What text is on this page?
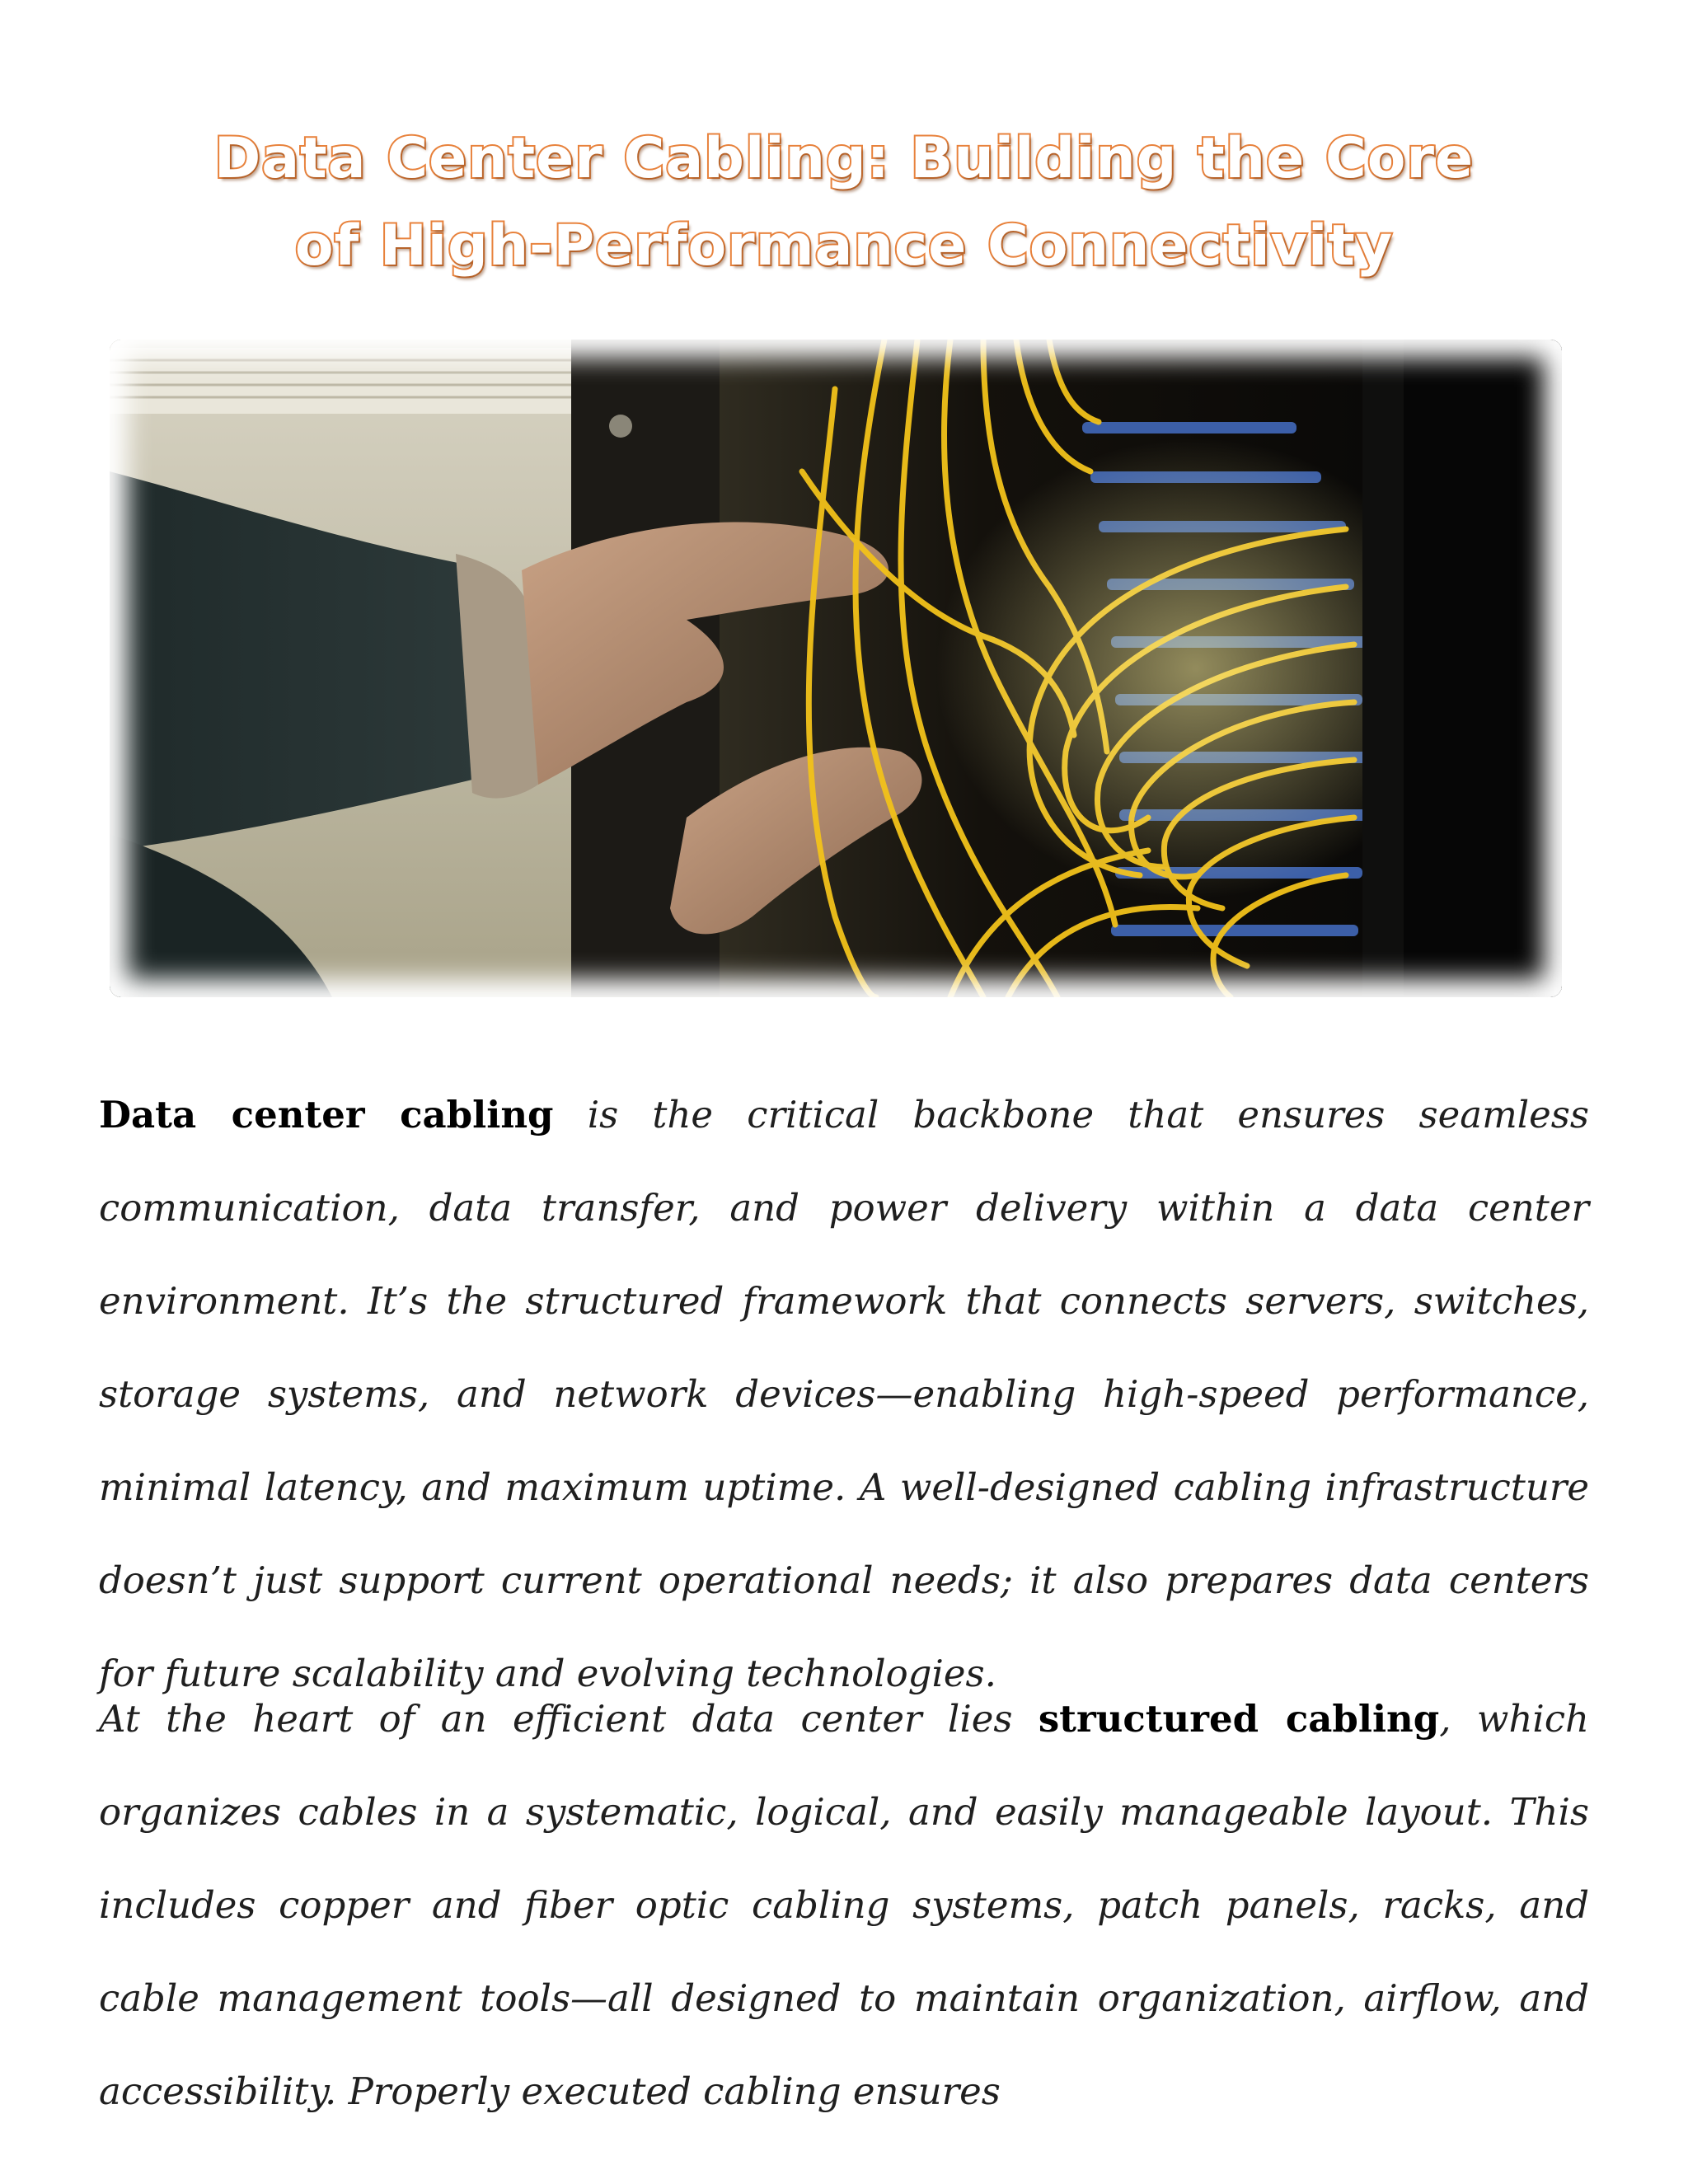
Data Center Cabling: Building the Core
of High-Performance Connectivity

Data center cabling is the critical backbone that ensures seamless communication, data transfer, and power delivery within a data center environment. It’s the structured framework that connects servers, switches, storage systems, and network devices—enabling high-speed performance, minimal latency, and maximum uptime. A well-designed cabling infrastructure doesn’t just support current operational needs; it also prepares data centers for future scalability and evolving technologies.

At the heart of an efficient data center lies structured cabling, which organizes cables in a systematic, logical, and easily manageable layout. This includes copper and fiber optic cabling systems, patch panels, racks, and cable management tools—all designed to maintain organization, airflow, and accessibility. Properly executed cabling ensures
